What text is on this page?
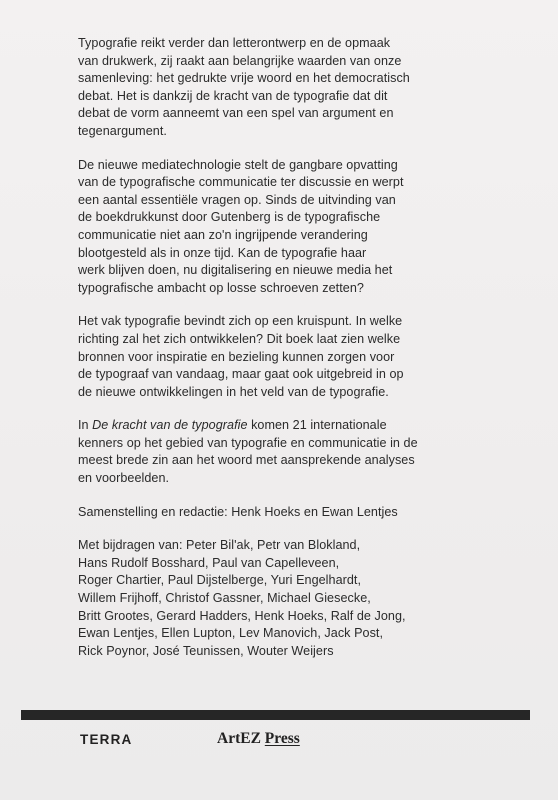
Typografie reikt verder dan letterontwerp en de opmaak
van drukwerk, zij raakt aan belangrijke waarden van onze
samenleving: het gedrukte vrije woord en het democratisch
debat. Het is dankzij de kracht van de typografie dat dit
debat de vorm aanneemt van een spel van argument en
tegenargument.

De nieuwe mediatechnologie stelt de gangbare opvatting
van de typografische communicatie ter discussie en werpt
een aantal essentiële vragen op. Sinds de uitvinding van
de boekdrukkunst door Gutenberg is de typografische
communicatie niet aan zo'n ingrijpende verandering
blootgesteld als in onze tijd. Kan de typografie haar
werk blijven doen, nu digitalisering en nieuwe media het
typografische ambacht op losse schroeven zetten?

Het vak typografie bevindt zich op een kruispunt. In welke
richting zal het zich ontwikkelen? Dit boek laat zien welke
bronnen voor inspiratie en bezieling kunnen zorgen voor
de typograaf van vandaag, maar gaat ook uitgebreid in op
de nieuwe ontwikkelingen in het veld van de typografie.

In De kracht van de typografie komen 21 internationale
kenners op het gebied van typografie en communicatie in de
meest brede zin aan het woord met aansprekende analyses
en voorbeelden.

Samenstelling en redactie: Henk Hoeks en Ewan Lentjes

Met bijdragen van: Peter Bil'ak, Petr van Blokland,
Hans Rudolf Bosshard, Paul van Capelleveen,
Roger Chartier, Paul Dijstelberge, Yuri Engelhardt,
Willem Frijhoff, Christof Gassner, Michael Giesecke,
Britt Grootes, Gerard Hadders, Henk Hoeks, Ralf de Jong,
Ewan Lentjes, Ellen Lupton, Lev Manovich, Jack Post,
Rick Poynor, José Teunissen, Wouter Weijers

TERRA	ArtEZ Press
